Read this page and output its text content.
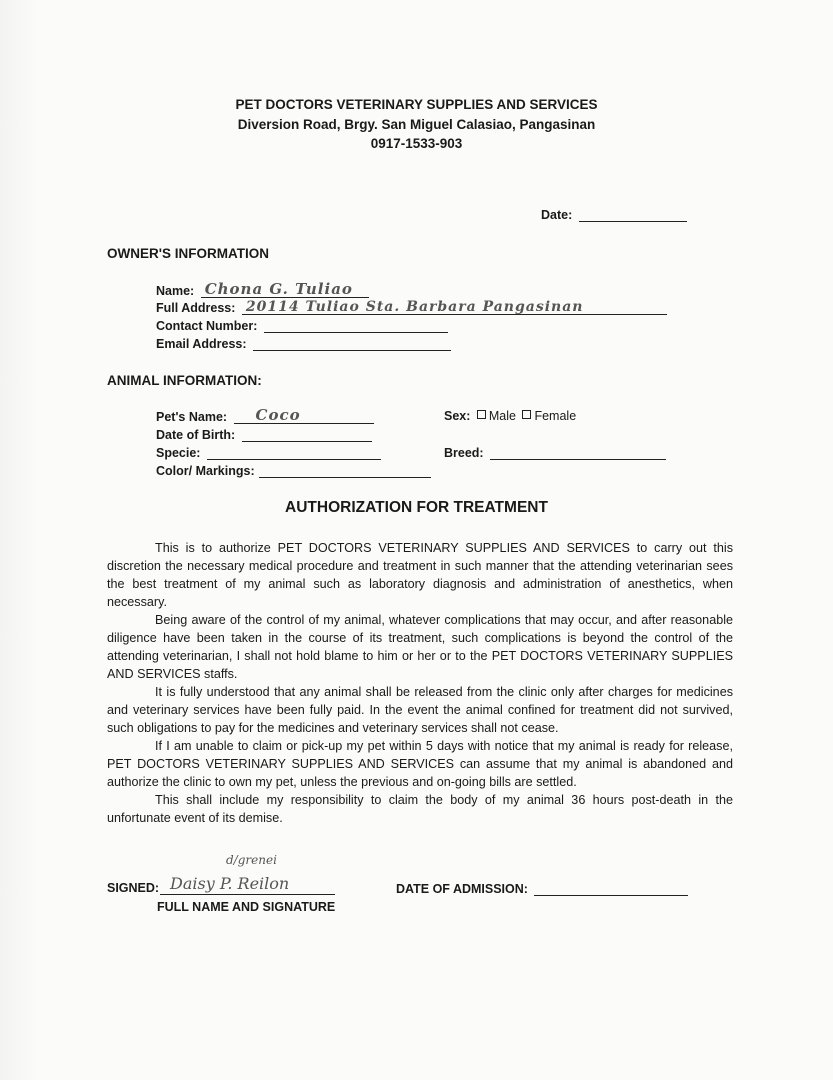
PET DOCTORS VETERINARY SUPPLIES AND SERVICES
Diversion Road, Brgy. San Miguel Calasiao, Pangasinan
0917-1533-903
Date:
OWNER'S INFORMATION
Name: Chona G. Tuliao
Full Address: 20114 Tuliao Sta. Barbara Pangasinan
Contact Number:
Email Address:
ANIMAL INFORMATION:
Pet's Name: Coco
Date of Birth:
Specie:
Color/ Markings:
Sex: Male Female
Breed:
AUTHORIZATION FOR TREATMENT

This is to authorize PET DOCTORS VETERINARY SUPPLIES AND SERVICES to carry out this discretion the necessary medical procedure and treatment in such manner that the attending veterinarian sees the best treatment of my animal such as laboratory diagnosis and administration of anesthetics, when necessary.

Being aware of the control of my animal, whatever complications that may occur, and after reasonable diligence have been taken in the course of its treatment, such complications is beyond the control of the attending veterinarian, I shall not hold blame to him or her or to the PET DOCTORS VETERINARY SUPPLIES AND SERVICES staffs.

It is fully understood that any animal shall be released from the clinic only after charges for medicines and veterinary services have been fully paid. In the event the animal confined for treatment did not survived, such obligations to pay for the medicines and veterinary services shall not cease.

If I am unable to claim or pick-up my pet within 5 days with notice that my animal is ready for release, PET DOCTORS VETERINARY SUPPLIES AND SERVICES can assume that my animal is abandoned and authorize the clinic to own my pet, unless the previous and on-going bills are settled.

This shall include my responsibility to claim the body of my animal 36 hours post-death in the unfortunate event of its demise.

SIGNED:
d/grenei
Daisy P. Reilon
FULL NAME AND SIGNATURE
DATE OF ADMISSION:
